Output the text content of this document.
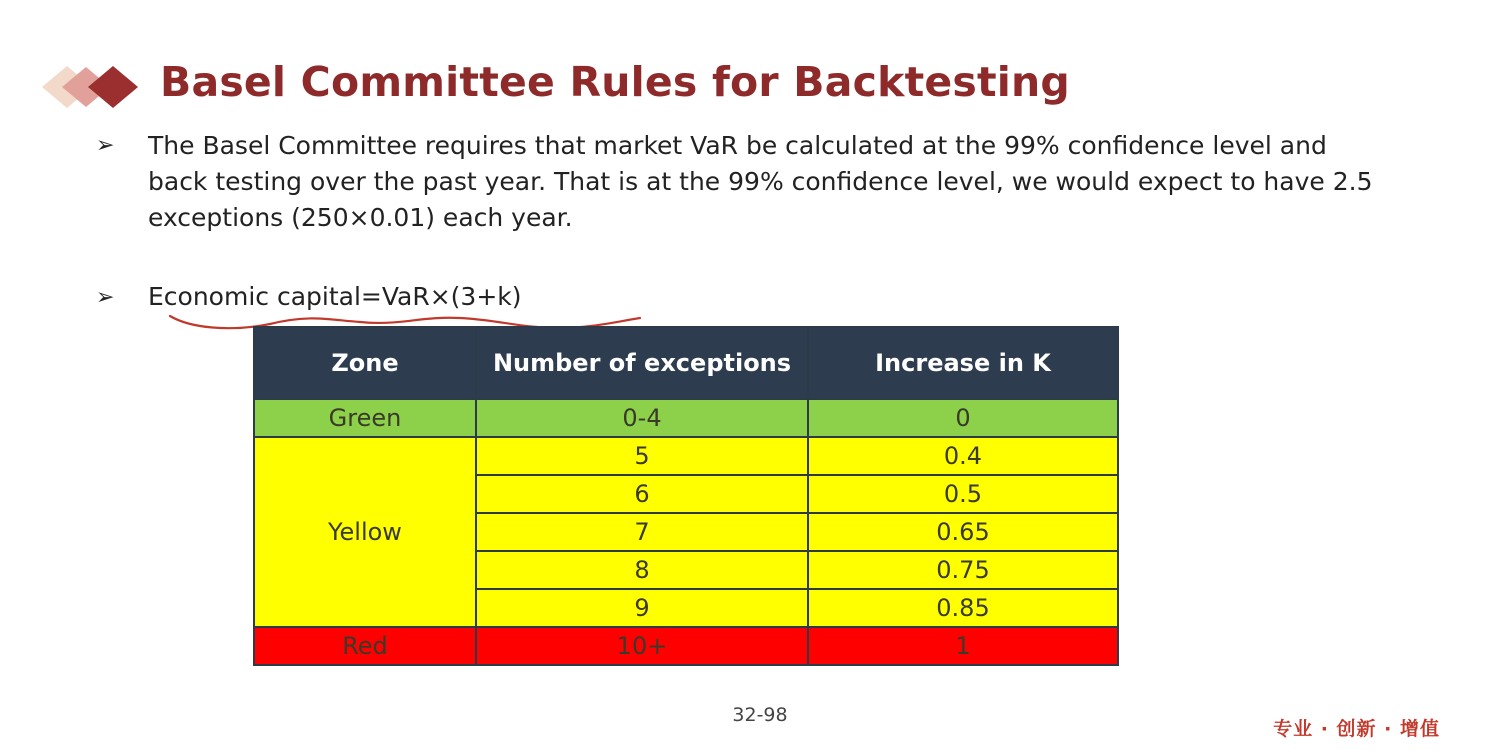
Basel Committee Rules for Backtesting
➢ The Basel Committee requires that market VaR be calculated at the 99% confidence level and back testing over the past year. That is at the 99% confidence level, we would expect to have 2.5 exceptions (250×0.01) each year.
➢ Economic capital=VaR×(3+k)
Zone	Number of exceptions	Increase in K
Green	0-4	0
Yellow	5	0.4
	6	0.5
	7	0.65
	8	0.75
	9	0.85
Red	10+	1
32-98
专业 · 创新 · 增值
